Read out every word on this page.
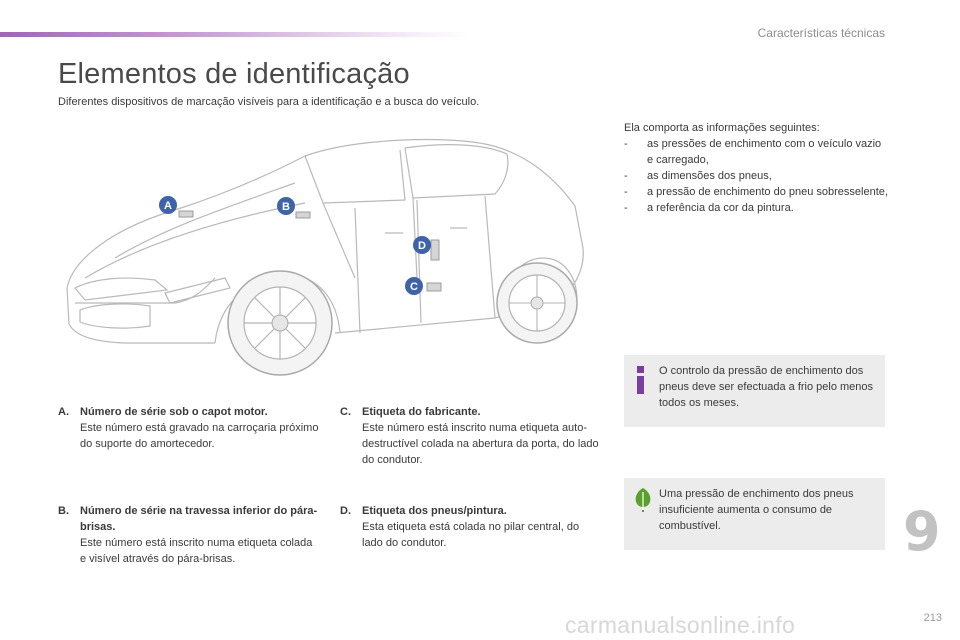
Características técnicas
Elementos de identificação
Diferentes dispositivos de marcação visíveis para a identificação e a busca do veículo.
A	B
D
C
A. Número de série sob o capot motor.
Este número está gravado na carroçaria próximo do suporte do amortecedor.
B. Número de série na travessa inferior do pára-brisas.
Este número está inscrito numa etiqueta colada e visível através do pára-brisas.
C. Etiqueta do fabricante.
Este número está inscrito numa etiqueta auto-destructível colada na abertura da porta, do lado do condutor.
D. Etiqueta dos pneus/pintura.
Esta etiqueta está colada no pilar central, do lado do condutor.
Ela comporta as informações seguintes:
- as pressões de enchimento com o veículo vazio e carregado,
- as dimensões dos pneus,
- a pressão de enchimento do pneu sobresselente,
- a referência da cor da pintura.
O controlo da pressão de enchimento dos pneus deve ser efectuada a frio pelo menos todos os meses.
Uma pressão de enchimento dos pneus insuficiente aumenta o consumo de combustível.	9
213
carmanualsonline.info
